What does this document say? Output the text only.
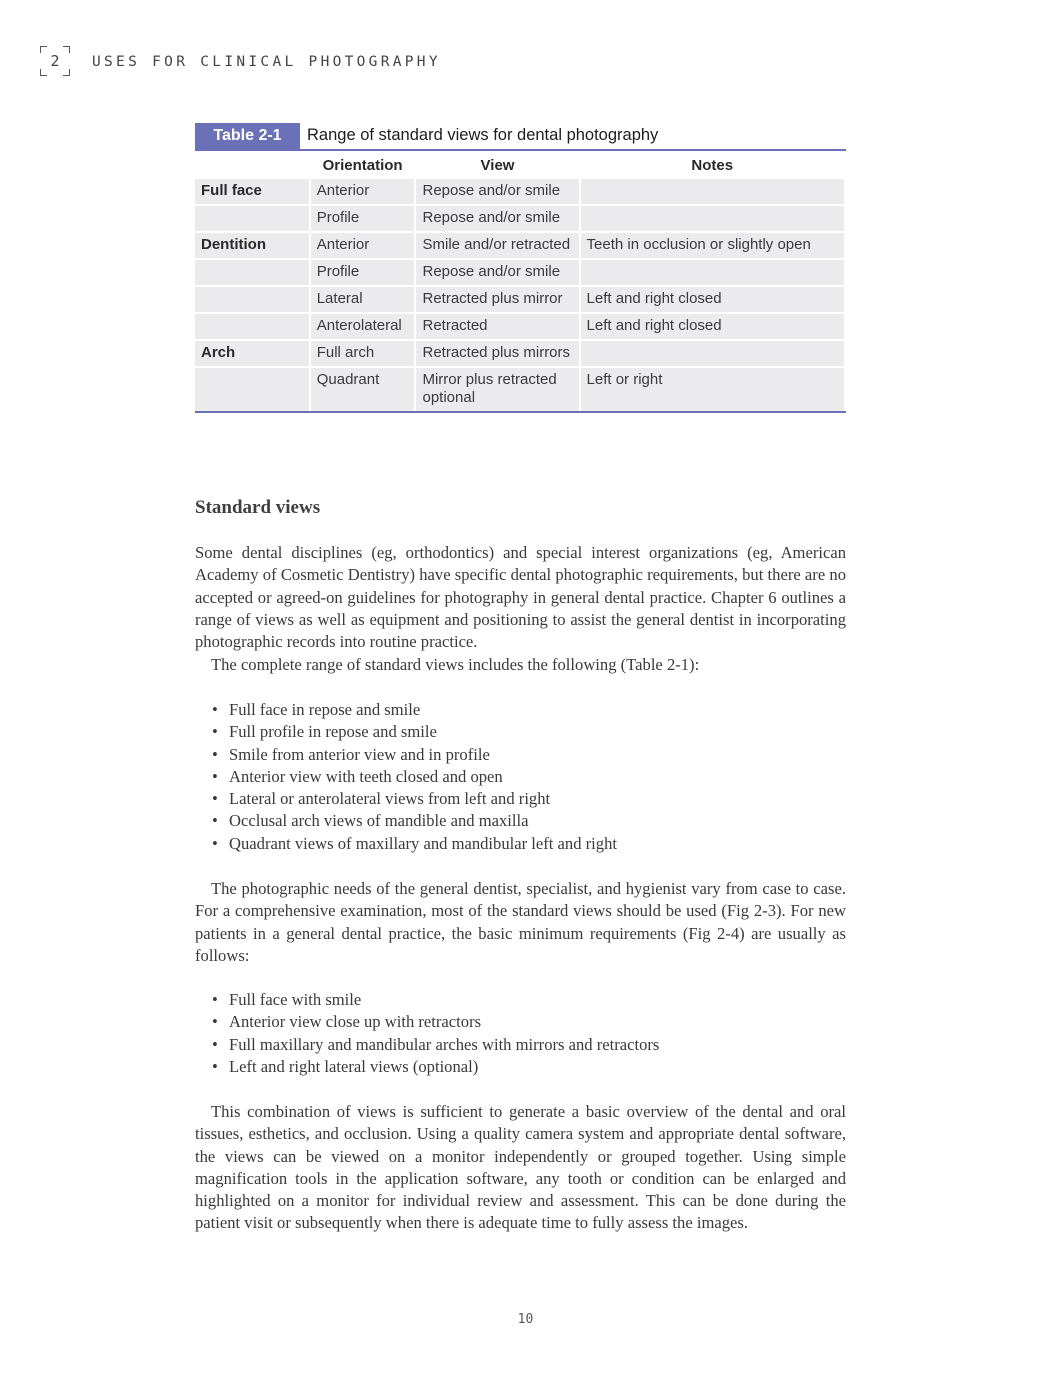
2	USES FOR CLINICAL PHOTOGRAPHY
Table 2-1	Range of standard views for dental photography
	Orientation	View	Notes
Full face	Anterior	Repose and/or smile	
	Profile	Repose and/or smile	
Dentition	Anterior	Smile and/or retracted	Teeth in occlusion or slightly open
	Profile	Repose and/or smile	
	Lateral	Retracted plus mirror	Left and right closed
	Anterolateral	Retracted	Left and right closed
Arch	Full arch	Retracted plus mirrors	
	Quadrant	Mirror plus retracted optional	Left or right
Standard views

Some dental disciplines (eg, orthodontics) and special interest organizations (eg, American Academy of Cosmetic Dentistry) have specific dental photographic requirements, but there are no accepted or agreed-on guidelines for photography in general dental practice. Chapter 6 outlines a range of views as well as equipment and positioning to assist the general dentist in incorporating photographic records into routine practice.

The complete range of standard views includes the following (Table 2-1):

• Full face in repose and smile
• Full profile in repose and smile
• Smile from anterior view and in profile
• Anterior view with teeth closed and open
• Lateral or anterolateral views from left and right
• Occlusal arch views of mandible and maxilla
• Quadrant views of maxillary and mandibular left and right

The photographic needs of the general dentist, specialist, and hygienist vary from case to case. For a comprehensive examination, most of the standard views should be used (Fig 2-3). For new patients in a general dental practice, the basic minimum requirements (Fig 2-4) are usually as follows:

• Full face with smile
• Anterior view close up with retractors
• Full maxillary and mandibular arches with mirrors and retractors
• Left and right lateral views (optional)

This combination of views is sufficient to generate a basic overview of the dental and oral tissues, esthetics, and occlusion. Using a quality camera system and appropriate dental software, the views can be viewed on a monitor independently or grouped together. Using simple magnification tools in the application software, any tooth or condition can be enlarged and highlighted on a monitor for individual review and assessment. This can be done during the patient visit or subsequently when there is adequate time to fully assess the images.

10
